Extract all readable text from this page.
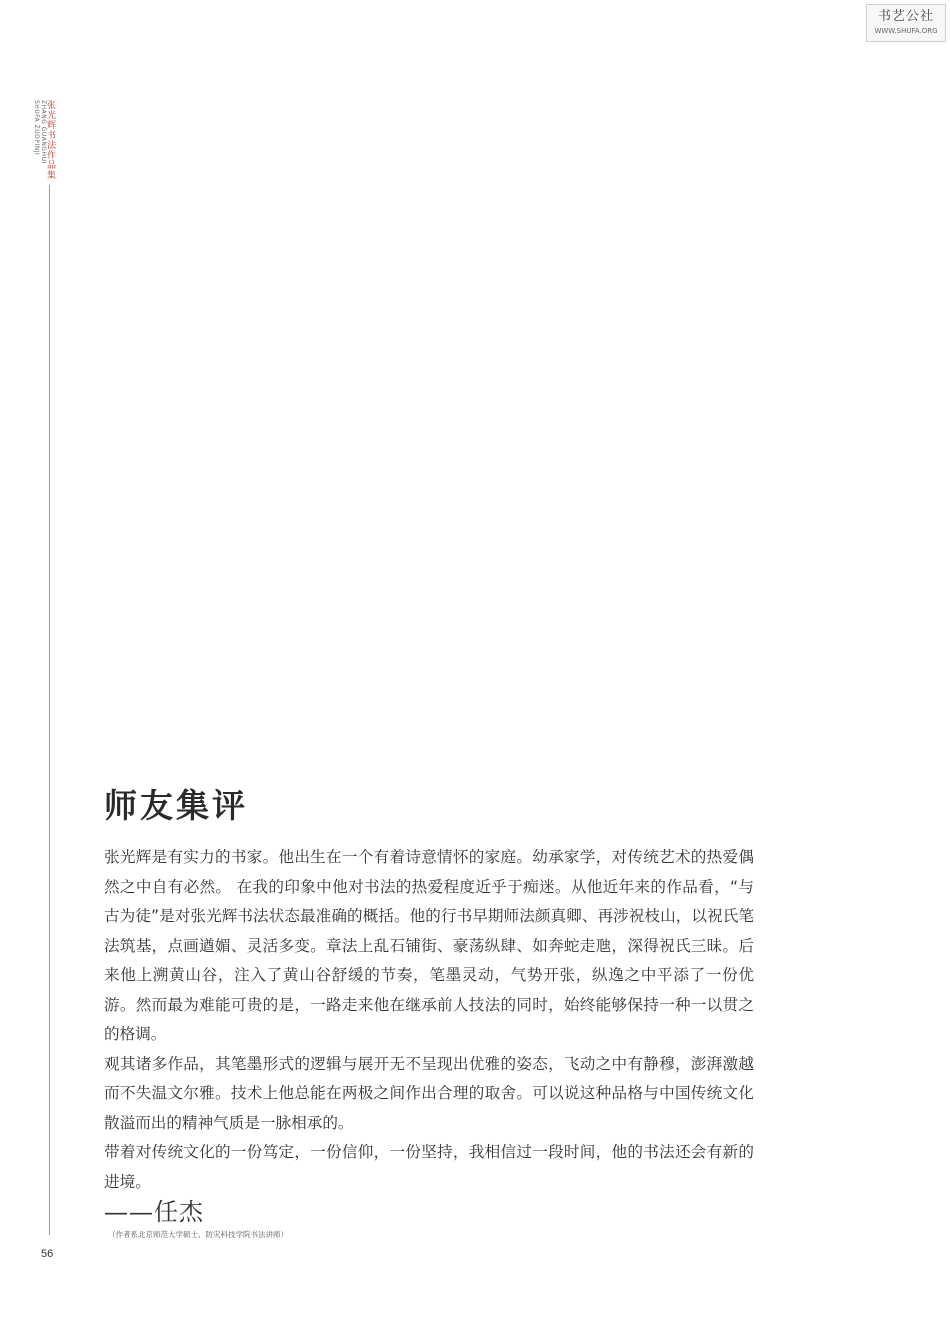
书艺公社
WWW.SHUFA.ORG
张光辉书法作品集
ZHANG GUANGHUI SHUFA ZUOPINJI
师友集评

张光辉是有实力的书家。他出生在一个有着诗意情怀的家庭。幼承家学，对传统艺术的热爱偶然之中自有必然。 在我的印象中他对书法的热爱程度近乎于痴迷。从他近年来的作品看，“与古为徒”是对张光辉书法状态最准确的概括。他的行书早期师法颜真卿、再涉祝枝山，以祝氏笔法筑基，点画遒媚、灵活多变。章法上乱石铺街、豪荡纵肆、如奔蛇走虺，深得祝氏三昧。后来他上溯黄山谷，注入了黄山谷舒缓的节奏，笔墨灵动，气势开张，纵逸之中平添了一份优游。然而最为难能可贵的是，一路走来他在继承前人技法的同时，始终能够保持一种一以贯之的格调。

观其诸多作品，其笔墨形式的逻辑与展开无不呈现出优雅的姿态，飞动之中有静穆，澎湃激越而不失温文尔雅。技术上他总能在两极之间作出合理的取舍。可以说这种品格与中国传统文化散溢而出的精神气质是一脉相承的。

带着对传统文化的一份笃定，一份信仰，一份坚持，我相信过一段时间，他的书法还会有新的进境。

——任杰
（作者系北京师范大学硕士、防灾科技学院书法讲师）
56
